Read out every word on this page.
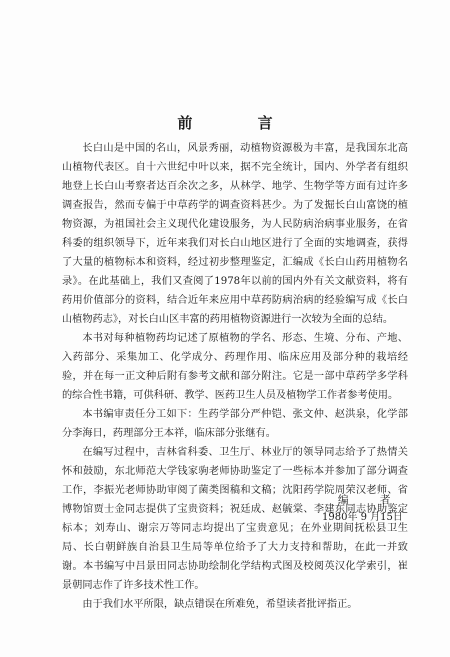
前 言

长白山是中国的名山，风景秀丽，动植物资源极为丰富，是我国东北高山植物代表区。自十六世纪中叶以来，据不完全统计，国内、外学者有组织地登上长白山考察者达百余次之多，从林学、地学、生物学等方面有过许多调查报告，然而专偏于中草药学的调查资料甚少。为了发掘长白山富饶的植物资源，为祖国社会主义现代化建设服务，为人民防病治病事业服务，在省科委的组织领导下，近年来我们对长白山地区进行了全面的实地调查，获得了大量的植物标本和资料，经过初步整理鉴定，汇编成《长白山药用植物名录》。在此基础上，我们又查阅了1978年以前的国内外有关文献资料，将有药用价值部分的资料，结合近年来应用中草药防病治病的经验编写成《长白山植物药志》，对长白山区丰富的药用植物资源进行一次较为全面的总结。

本书对每种植物药均记述了原植物的学名、形态、生境、分布、产地、入药部分、采集加工、化学成分、药理作用、临床应用及部分种的栽培经验，并在每一正文种后附有参考文献和部分附注。它是一部中草药学多学科的综合性书籍，可供科研、教学、医药卫生人员及植物学工作者参考使用。

本书编审责任分工如下：生药学部分严仲铠、张文仲、赵洪泉，化学部分李海日，药理部分王本祥，临床部分张继有。

在编写过程中，吉林省科委、卫生厅、林业厅的领导同志给予了热情关怀和鼓励，东北师范大学钱家驹老师协助鉴定了一些标本并参加了部分调查工作，李振光老师协助审阅了菌类图稿和文稿；沈阳药学院周荣汉老师、省博物馆贾士金同志提供了宝贵资料；祝廷成、赵毓棠、李建东同志协助鉴定标本；刘寿山、谢宗万等同志均提出了宝贵意见；在外业期间抚松县卫生局、长白朝鲜族自治县卫生局等单位给予了大力支持和帮助，在此一并致谢。本书编写中吕景田同志协助绘制化学结构式图及校阅英汉化学索引，崔景朝同志作了许多技术性工作。

由于我们水平所限，缺点错误在所难免，希望读者批评指正。

编 者

1980年 9 月15日
